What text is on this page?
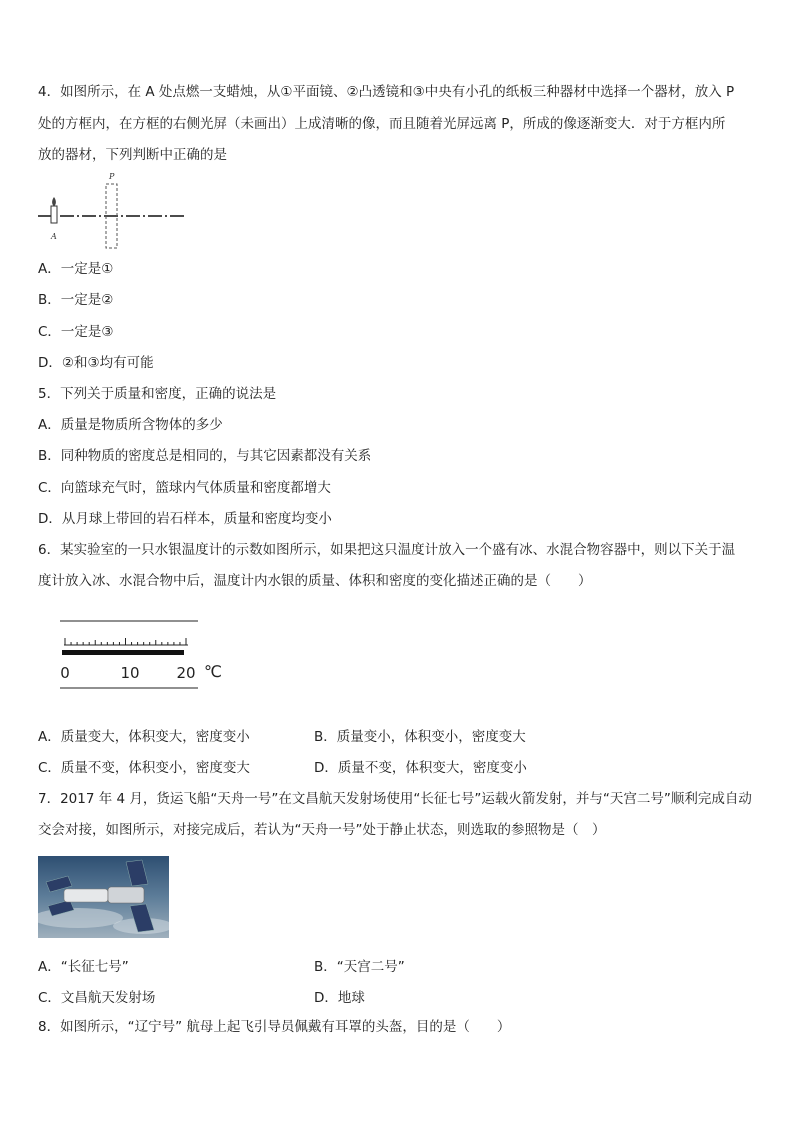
4．如图所示，在 A 处点燃一支蜡烛，从①平面镜、②凸透镜和③中央有小孔的纸板三种器材中选择一个器材，放入 P
处的方框内，在方框的右侧光屏（未画出）上成清晰的像，而且随着光屏远离 P，所成的像逐渐变大．对于方框内所
放的器材，下列判断中正确的是
P
A
A．一定是①
B．一定是②
C．一定是③
D．②和③均有可能
5．下列关于质量和密度，正确的说法是
A．质量是物质所含物体的多少
B．同种物质的密度总是相同的，与其它因素都没有关系
C．向篮球充气时，篮球内气体质量和密度都增大
D．从月球上带回的岩石样本，质量和密度均变小
6．某实验室的一只水银温度计的示数如图所示，如果把这只温度计放入一个盛有冰、水混合物容器中，则以下关于温
度计放入冰、水混合物中后，温度计内水银的质量、体积和密度的变化描述正确的是（　　）
0	10 20 ℃
A．质量变大，体积变大，密度变小	B．质量变小，体积变小，密度变大
C．质量不变，体积变小，密度变大	D．质量不变，体积变大，密度变小
7．2017 年 4 月，货运飞船“天舟一号”在文昌航天发射场使用“长征七号”运载火箭发射，并与“天宫二号”顺利完成自动
交会对接，如图所示，对接完成后，若认为“天舟一号”处于静止状态，则选取的参照物是（　）
A．“长征七号”	B．“天宫二号”
C．文昌航天发射场	D．地球
8．如图所示，“辽宁号” 航母上起飞引导员佩戴有耳罩的头盔，目的是（　　）
